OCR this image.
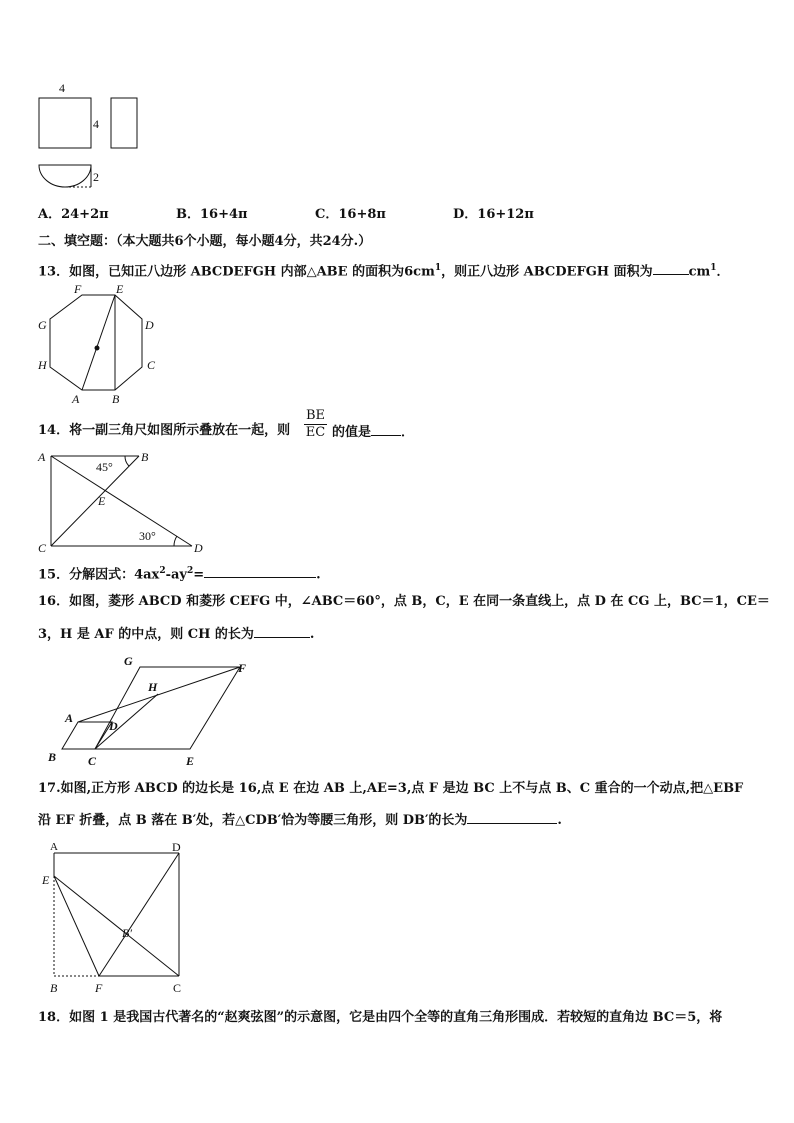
4
4
2
A．24+2π	B．16+4π	C．16+8π	D．16+12π
二、填空题：（本大题共6个小题，每小题4分，共24分.）
13．如图，已知正八边形 ABCDEFGH 内部△ABE 的面积为$6cm^1$，则正八边形 ABCDEFGH 面积为	$cm^1$．
F	E
G	D
H	C
A	B
14．将一副三角尺如图所示叠放在一起，则 $\frac{BE}{EC}$ 的值是 ．
A	B
E
C	D
45°
30°
15．分解因式：$4ax^2-ay^2=$	.
16．如图，菱形 ABCD 和菱形 CEFG 中，∠ABC＝60°，点 B，C，E 在同一条直线上，点 D 在 CG 上，BC＝1，CE＝
3，H 是 AF 的中点，则 CH 的长为	.
G	F
H
A
D
B	C	E
17.如图,正方形 ABCD 的边长是 16,点 E 在边 AB 上,AE=3,点 F 是边 BC 上不与点 B、C 重合的一个动点,把△EBF
沿 EF 折叠，点 B 落在 B′处，若△CDB′恰为等腰三角形，则 DB′的长为	.
A	D
E
B′
B	F	C
18．如图 1 是我国古代著名的“赵爽弦图”的示意图，它是由四个全等的直角三角形围成．若较短的直角边 BC＝5，将
